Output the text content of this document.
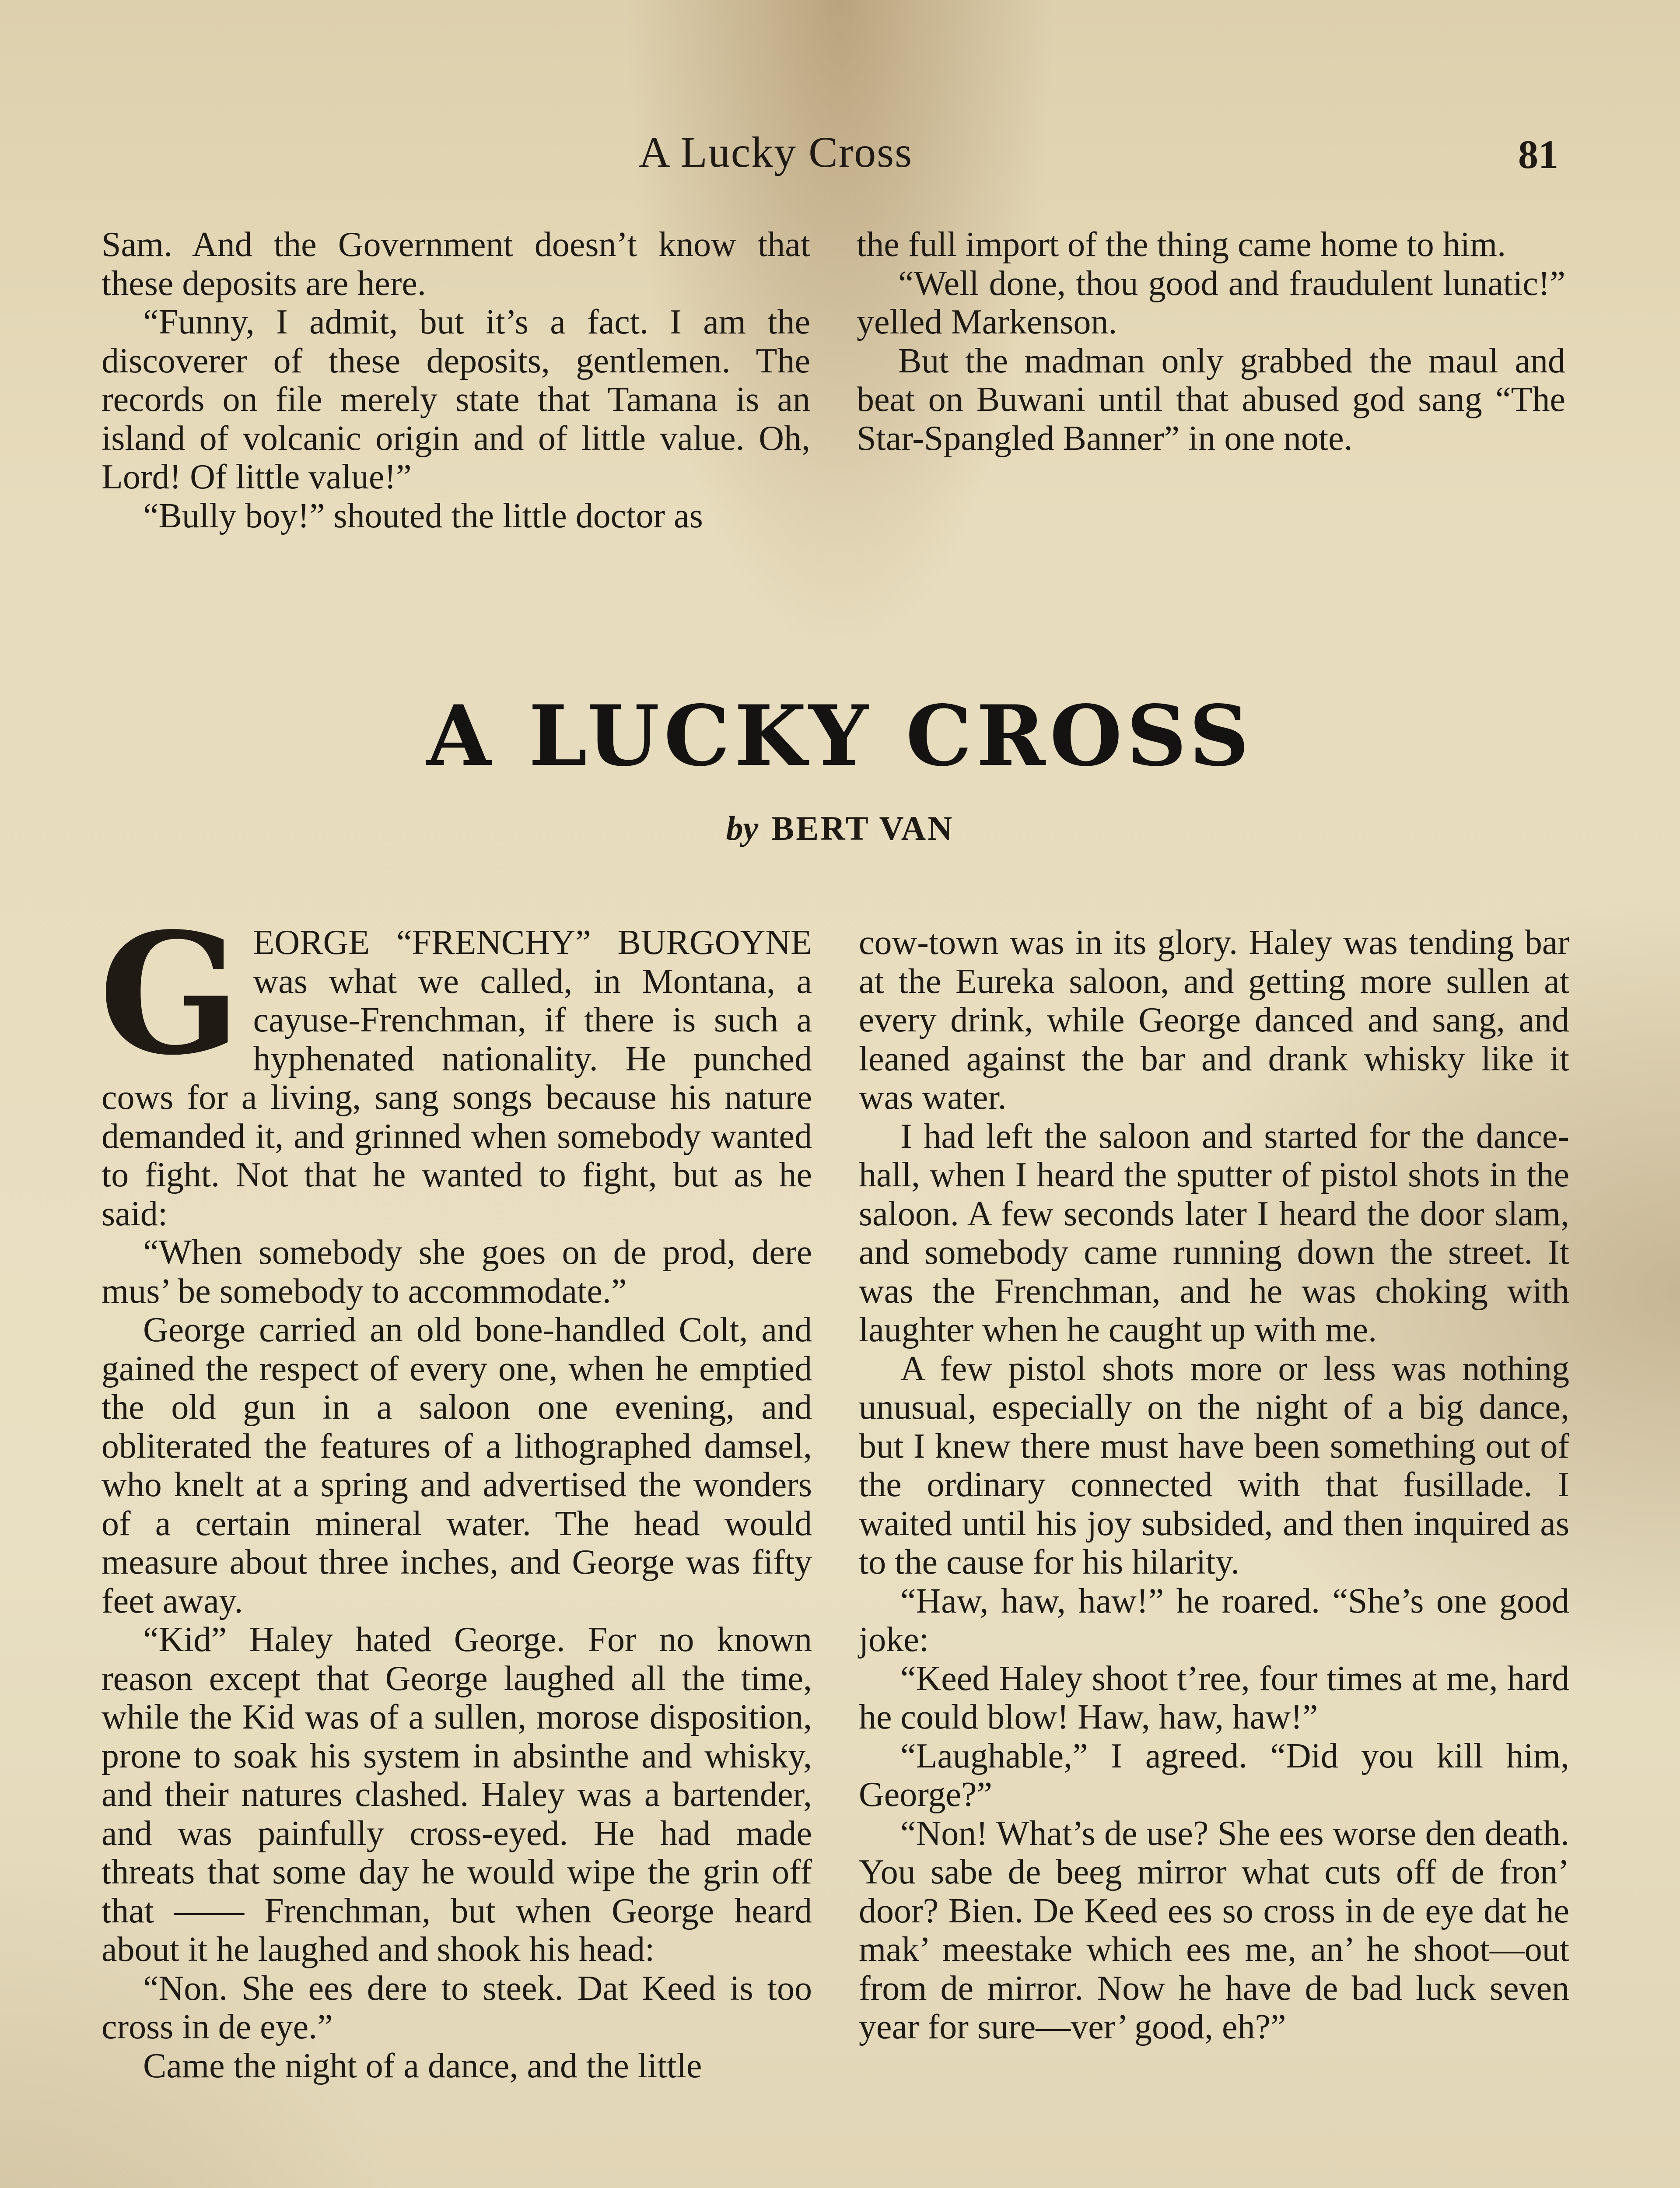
A Lucky Cross	81

Sam. And the Government doesn’t know that these deposits are here.

“Funny, I admit, but it’s a fact. I am the discoverer of these deposits, gentlemen. The records on file merely state that Tamana is an island of volcanic origin and of little value. Oh, Lord! Of little value!”

“Bully boy!” shouted the little doctor as

the full import of the thing came home to him.

“Well done, thou good and fraudulent lunatic!” yelled Markenson.

But the madman only grabbed the maul and beat on Buwani until that abused god sang “The Star-Spangled Banner” in one note.

A LUCKY CROSS
by BERT VAN

GEORGE “FRENCHY” BURGOYNE was what we called, in Montana, a cayuse-Frenchman, if there is such a hyphenated nationality. He punched cows for a living, sang songs because his nature demanded it, and grinned when somebody wanted to fight. Not that he wanted to fight, but as he said:

“When somebody she goes on de prod, dere mus’ be somebody to accommodate.”

George carried an old bone-handled Colt, and gained the respect of every one, when he emptied the old gun in a saloon one evening, and obliterated the features of a lithographed damsel, who knelt at a spring and advertised the wonders of a certain mineral water. The head would measure about three inches, and George was fifty feet away.

“Kid” Haley hated George. For no known reason except that George laughed all the time, while the Kid was of a sullen, morose disposition, prone to soak his system in absinthe and whisky, and their natures clashed. Haley was a bartender, and was painfully cross-eyed. He had made threats that some day he would wipe the grin off that —— Frenchman, but when George heard about it he laughed and shook his head:

“Non. She ees dere to steek. Dat Keed is too cross in de eye.”

Came the night of a dance, and the little

cow-town was in its glory. Haley was tending bar at the Eureka saloon, and getting more sullen at every drink, while George danced and sang, and leaned against the bar and drank whisky like it was water.

I had left the saloon and started for the dance-hall, when I heard the sputter of pistol shots in the saloon. A few seconds later I heard the door slam, and somebody came running down the street. It was the Frenchman, and he was choking with laughter when he caught up with me.

A few pistol shots more or less was nothing unusual, especially on the night of a big dance, but I knew there must have been something out of the ordinary connected with that fusillade. I waited until his joy subsided, and then inquired as to the cause for his hilarity.

“Haw, haw, haw!” he roared. “She’s one good joke:

“Keed Haley shoot t’ree, four times at me, hard he could blow! Haw, haw, haw!”

“Laughable,” I agreed. “Did you kill him, George?”

“Non! What’s de use? She ees worse den death. You sabe de beeg mirror what cuts off de fron’ door? Bien. De Keed ees so cross in de eye dat he mak’ meestake which ees me, an’ he shoot—out from de mirror. Now he have de bad luck seven year for sure—ver’ good, eh?”
